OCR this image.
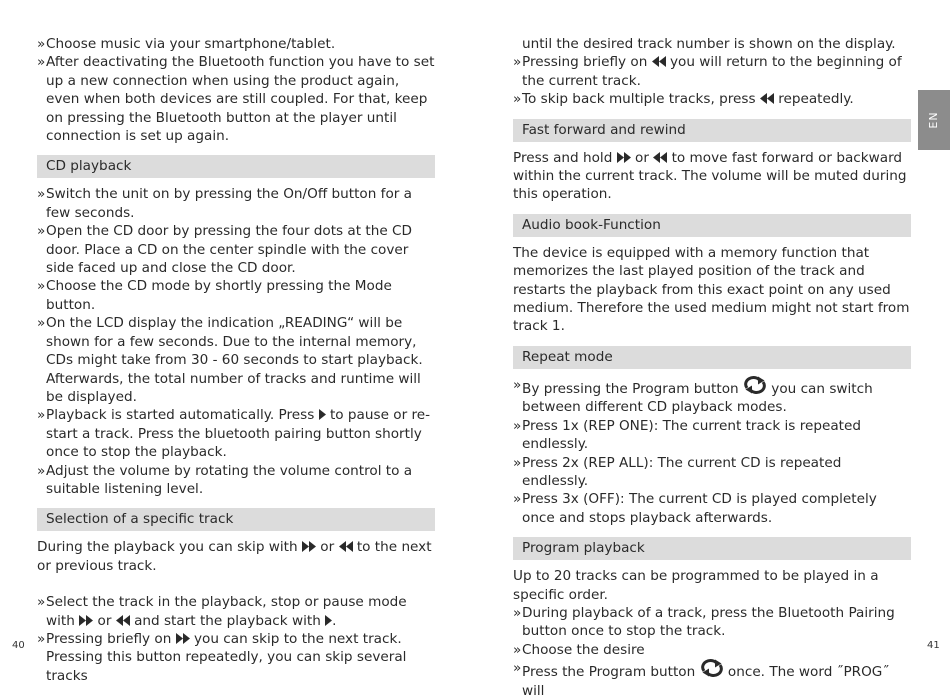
» Choose music via your smartphone/tablet.
» After deactivating the Bluetooth function you have to set up a new connection when using the product again, even when both devices are still coupled. For that, keep on pressing the Bluetooth button at the player until connection is set up again.
CD playback
» Switch the unit on by pressing the On/Off button for a few seconds.
» Open the CD door by pressing the four dots at the CD door. Place a CD on the center spindle with the cover side faced up and close the CD door.
» Choose the CD mode by shortly pressing the Mode button.
» On the LCD display the indication „READING“ will be shown for a few seconds. Due to the internal memory, CDs might take from 30 - 60 seconds to start playback. Afterwards, the total number of tracks and runtime will be displayed.
» Playback is started automatically. Press to pause or re-start a track. Press the bluetooth pairing button shortly once to stop the playback.
» Adjust the volume by rotating the volume control to a suitable listening level.
Selection of a specific track
During the playback you can skip with or to the next or previous track.
» Select the track in the playback, stop or pause mode with or and start the playback with .
» Pressing briefly on you can skip to the next track. Pressing this button repeatedly, you can skip several tracks
until the desired track number is shown on the display.
» Pressing briefly on you will return to the beginning of the current track.
» To skip back multiple tracks, press repeatedly.
Fast forward and rewind
Press and hold or to move fast forward or backward within the current track. The volume will be muted during this operation.
Audio book-Function
The device is equipped with a memory function that memorizes the last played position of the track and restarts the playback from this exact point on any used medium. Therefore the used medium might not start from track 1.
Repeat mode
» By pressing the Program button you can switch between different CD playback modes.
» Press 1x (REP ONE): The current track is repeated endlessly.
» Press 2x (REP ALL): The current CD is repeated endlessly.
» Press 3x (OFF): The current CD is played completely once and stops playback afterwards.
Program playback
Up to 20 tracks can be programmed to be played in a specific order.
» During playback of a track, press the Bluetooth Pairing button once to stop the track.
» Choose the desire
» Press the Program button once. The word ˝PROG˝ will
EN
40	41
